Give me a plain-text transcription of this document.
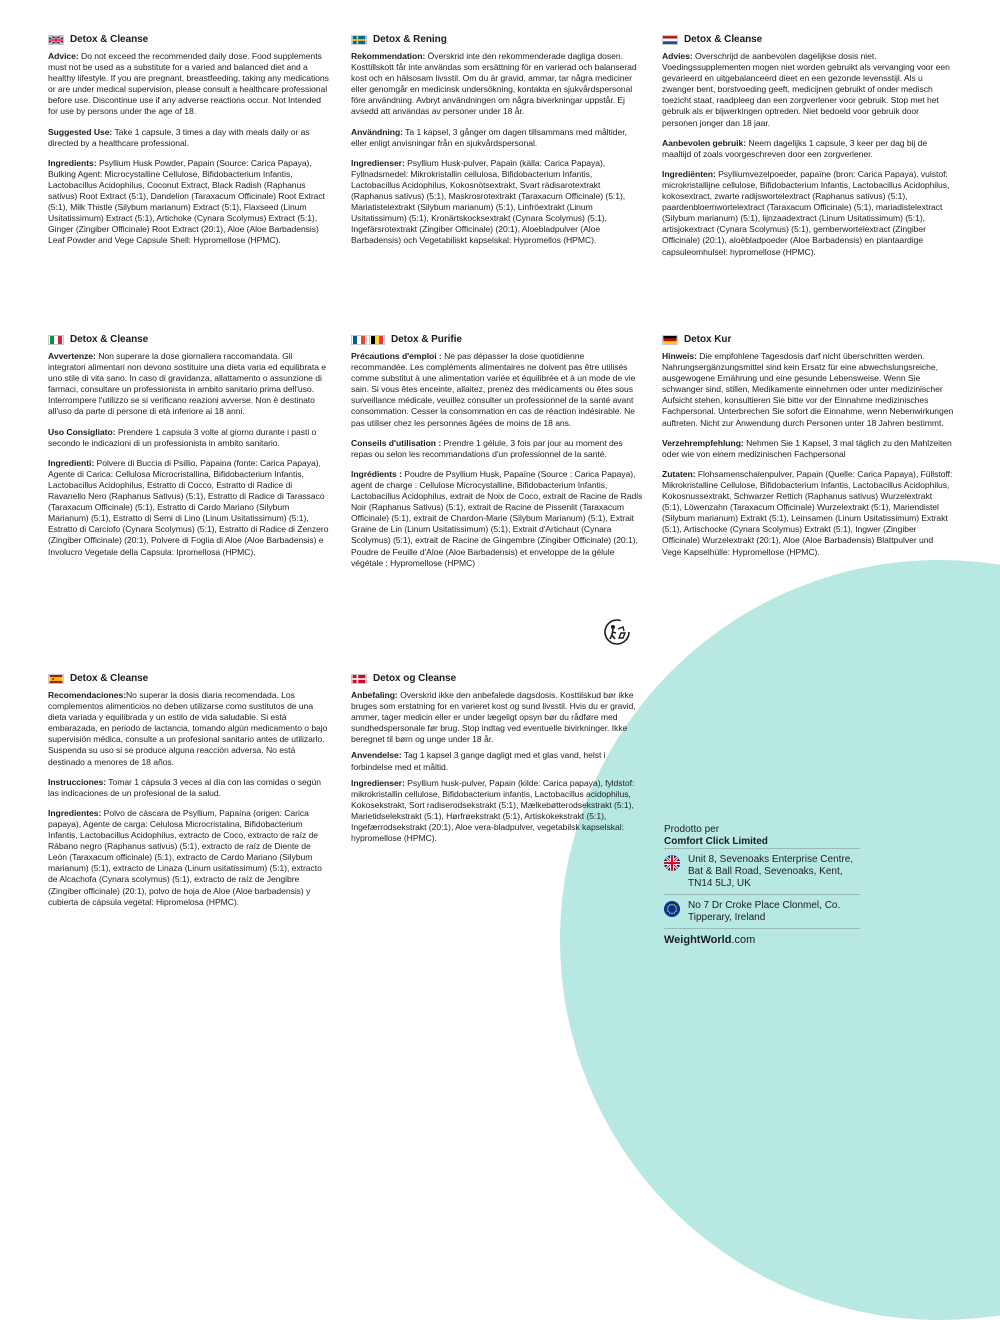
Detox & Cleanse

Advice: Do not exceed the recommended daily dose. Food supplements must not be used as a substitute for a varied and balanced diet and a healthy lifestyle. If you are pregnant, breastfeeding, taking any medications or are under medical supervision, please consult a healthcare professional before use. Discontinue use if any adverse reactions occur. Not Intended for use by persons under the age of 18.

Suggested Use: Take 1 capsule, 3 times a day with meals daily or as directed by a healthcare professional.

Ingredients: Psyllium Husk Powder, Papain (Source: Carica Papaya), Bulking Agent: Microcystalline Cellulose, Bifidobacterium Infantis, Lactobacillus Acidophilus, Coconut Extract, Black Radish (Raphanus sativus) Root Extract (5:1), Dandelion (Taraxacum Officinale) Root Extract (5:1), Milk Thistle (Silybum marianum) Extract (5:1), Flaxseed (Linum Usitatissimum) Extract (5:1), Artichoke (Cynara Scolymus) Extract (5:1), Ginger (Zingiber Officinale) Root Extract (20:1), Aloe (Aloe Barbadensis) Leaf Powder and Vege Capsule Shell: Hypromellose (HPMC).

Detox & Rening

Rekommendation: Överskrid inte den rekommenderade dagliga dosen. Kosttillskott får inte användas som ersättning för en varierad och balanserad kost och en hälsosam livsstil. Om du är gravid, ammar, tar några mediciner eller genomgår en medicinsk undersökning, kontakta en sjukvårdspersonal före användning. Avbryt användningen om några biverkningar uppstår. Ej avsedd att användas av personer under 18 år.

Användning: Ta 1 kapsel, 3 gånger om dagen tillsammans med måltider, eller enligt anvisningar från en sjukvårdspersonal.

Ingredienser: Psyllium Husk-pulver, Papain (källa: Carica Papaya), Fyllnadsmedel: Mikrokristallin cellulosa, Bifidobacterium Infantis, Lactobacillus Acidophilus, Kokosnötsextrakt, Svart rädisarotextrakt (Raphanus sativus) (5:1), Maskrosrotextrakt (Taraxacum Officinale) (5:1), Mariatistelextrakt (Silybum marianum) (5:1), Linfröextrakt (Linum Usitatissimum) (5:1), Kronärtskocksextrakt (Cynara Scolymus) (5:1), Ingefärsrotextrakt (Zingiber Officinale) (20:1), Aloebladpulver (Aloe Barbadensis) och Vegetabiliskt kapselskal: Hypromellos (HPMC).

Detox & Cleanse

Advies: Overschrijd de aanbevolen dagelijkse dosis niet. Voedingssupplementen mogen niet worden gebruikt als vervanging voor een gevarieerd en uitgebalanceerd dieet en een gezonde levensstijl. Als u zwanger bent, borstvoeding geeft, medicijnen gebruikt of onder medisch toezicht staat, raadpleeg dan een zorgverlener voor gebruik. Stop met het gebruik als er bijwerkingen optreden. Niet bedoeld voor gebruik door personen jonger dan 18 jaar.

Aanbevolen gebruik: Neem dagelijks 1 capsule, 3 keer per dag bij de maaltijd of zoals voorgeschreven door een zorgverlener.

Ingrediënten: Psylliumvezelpoeder, papaïne (bron: Carica Papaya), vulstof: microkristallijne cellulose, Bifidobacterium Infantis, Lactobacillus Acidophilus, kokosextract, zwarte radijswortelextract (Raphanus sativus) (5:1), paardenbloemwortelextract (Taraxacum Officinale) (5:1), mariadistelextract (Silybum marianum) (5:1), lijnzaadextract (Linum Usitatissimum) (5:1), artisjokextract (Cynara Scolymus) (5:1), gemberwortelextract (Zingiber Officinale) (20:1), aloëbladpoeder (Aloe Barbadensis) en plantaardige capsuleomhulsel: hypromellose (HPMC).

Detox & Cleanse

Avvertenze: Non superare la dose giornaliera raccomandata. Gli integratori alimentari non devono sostituire una dieta varia ed equilibrata e uno stile di vita sano. In caso di gravidanza, allattamento o assunzione di farmaci, consultare un professionista in ambito sanitario prima dell'uso. Interrompere l'utilizzo se si verificano reazioni avverse. Non è destinato all'uso da parte di persone di età inferiore ai 18 anni.

Uso Consigliato: Prendere 1 capsula 3 volte al giorno durante i pasti o secondo le indicazioni di un professionista in ambito sanitario.

Ingredienti: Polvere di Buccia di Psillio, Papaina (fonte: Carica Papaya), Agente di Carica: Cellulosa Microcristallina, Bifidobacterium Infantis, Lactobacillus Acidophilus, Estratto di Cocco, Estratto di Radice di Ravanello Nero (Raphanus Sativus) (5:1), Estratto di Radice di Tarassaco (Taraxacum Officinale) (5:1), Estratto di Cardo Mariano (Silybum Marianum) (5:1), Estratto di Semi di Lino (Linum Usitatissimum) (5:1), Estratto di Carciofo (Cynara Scolymus) (5:1), Estratto di Radice di Zenzero (Zingiber Officinale) (20:1), Polvere di Foglia di Aloe (Aloe Barbadensis) e Involucro Vegetale della Capsula: Ipromellosa (HPMC).

Detox & Purifie

Précautions d'emploi : Ne pas dépasser la dose quotidienne recommandée. Les compléments alimentaires ne doivent pas être utilisés comme substitut à une alimentation variée et équilibrée et à un mode de vie sain. Si vous êtes enceinte, allaitez, prenez des médicaments ou êtes sous surveillance médicale, veuillez consulter un professionnel de la santé avant consommation. Cesser la consommation en cas de réaction indésirable. Ne pas utiliser chez les personnes âgées de moins de 18 ans.

Conseils d'utilisation : Prendre 1 gélule, 3 fois par jour au moment des repas ou selon les recommandations d'un professionnel de la santé.

Ingrédients : Poudre de Psyllium Husk, Papaïne (Source : Carica Papaya), agent de charge : Cellulose Microcystalline, Bifidobacterium Infantis, Lactobacillus Acidophilus, extrait de Noix de Coco, extrait de Racine de Radis Noir (Raphanus Sativus) (5:1), extrait de Racine de Pissenlit (Taraxacum Officinale) (5:1), extrait de Chardon-Marie (Silybum Marianum) (5:1), Extrait Graine de Lin (Linum Usitatissimum) (5:1), Extrait d'Artichaut (Cynara Scolymus) (5:1), extrait de Racine de Gingembre (Zingiber Officinale) (20:1), Poudre de Feuille d'Aloe (Aloe Barbadensis) et enveloppe de la gélule végétale : Hypromellose (HPMC)

Detox Kur

Hinweis: Die empfohlene Tagesdosis darf nicht überschritten werden. Nahrungsergänzungsmittel sind kein Ersatz für eine abwechslungsreiche, ausgewogene Ernährung und eine gesunde Lebensweise. Wenn Sie schwanger sind, stillen, Medikamente einnehmen oder unter medizinischer Aufsicht stehen, konsultieren Sie bitte vor der Einnahme medizinisches Fachpersonal. Unterbrechen Sie sofort die Einnahme, wenn Nebenwirkungen auftreten. Nicht zur Anwendung durch Personen unter 18 Jahren bestimmt.

Verzehrempfehlung: Nehmen Sie 1 Kapsel, 3 mal täglich zu den Mahlzeiten oder wie von einem medizinischen Fachpersonal

Zutaten: Flohsamenschalenpulver, Papain (Quelle: Carica Papaya), Füllstoff: Mikrokristalline Cellulose, Bifidobacterium Infantis, Lactobacillus Acidophilus, Kokosnussextrakt, Schwarzer Rettich (Raphanus sativus) Wurzelextrakt (5:1), Löwenzahn (Taraxacum Officinale) Wurzelextrakt (5:1), Mariendistel (Silybum marianum) Extrakt (5:1), Leinsamen (Linum Usitatissimum) Extrakt (5:1), Artischocke (Cynara Scolymus) Extrakt (5:1), Ingwer (Zingiber Officinale) Wurzelextrakt (20:1), Aloe (Aloe Barbadensis) Blattpulver und Vege Kapselhülle: Hypromellose (HPMC).

Detox & Cleanse

Recomendaciones:No superar la dosis diaria recomendada. Los complementos alimenticios no deben utilizarse como sustitutos de una dieta variada y equilibrada y un estilo de vida saludable. Si está embarazada, en periodo de lactancia, tomando algún medicamento o bajo supervisión médica, consulte a un profesional sanitario antes de utilizarlo. Suspenda su uso si se produce alguna reacción adversa. No está destinado a menores de 18 años.

Instrucciones: Tomar 1 cápsula 3 veces al día con las comidas o según las indicaciones de un profesional de la salud.

Ingredientes: Polvo de cáscara de Psyllium, Papaína (origen: Carica papaya), Agente de carga: Celulosa Microcristalina, Bifidobacterium Infantis, Lactobacillus Acidophilus, extracto de Coco, extracto de raíz de Rábano negro (Raphanus sativus) (5:1), extracto de raíz de Diente de León (Taraxacum officinale) (5:1), extracto de Cardo Mariano (Silybum marianum) (5:1), extracto de Linaza (Linum usitatissimum) (5:1), extracto de Alcachofa (Cynara scolymus) (5:1), extracto de raíz de Jengibre (Zingiber officinale) (20:1), polvo de hoja de Aloe (Aloe barbadensis) y cubierta de cápsula vegetal: Hipromelosa (HPMC).

Detox og Cleanse

Anbefaling: Overskrid ikke den anbefalede dagsdosis. Kosttilskud bør ikke bruges som erstatning for en varieret kost og sund livsstil. Hvis du er gravid, ammer, tager medicin eller er under lægeligt opsyn bør du rådføre med sundhedspersonale før brug. Stop indtag ved eventuelle bivirkninger. Ikke beregnet til børn og unge under 18 år.

Anvendelse: Tag 1 kapsel 3 gange dagligt med et glas vand, helst i forbindelse med et måltid.

Ingredienser: Psyllium husk-pulver, Papain (kilde: Carica papaya), fyldstof: mikrokristallin cellulose, Bifidobacterium infantis, Lactobacillus acidophilus, Kokosekstrakt, Sort radiserodsekstrakt (5:1), Mælkebøtterodsekstrakt (5:1), Marietidselekstrakt (5:1), Hørfrøekstrakt (5:1), Artiskokekstrakt (5:1), Ingefærrodsekstrakt (20:1), Aloe vera-bladpulver, vegetabilsk kapselskal: hypromellose (HPMC).

Prodotto per
Comfort Click Limited
Unit 8, Sevenoaks Enterprise Centre, Bat & Ball Road, Sevenoaks, Kent, TN14 5LJ, UK
No 7 Dr Croke Place Clonmel, Co. Tipperary, Ireland
WeightWorld.com
